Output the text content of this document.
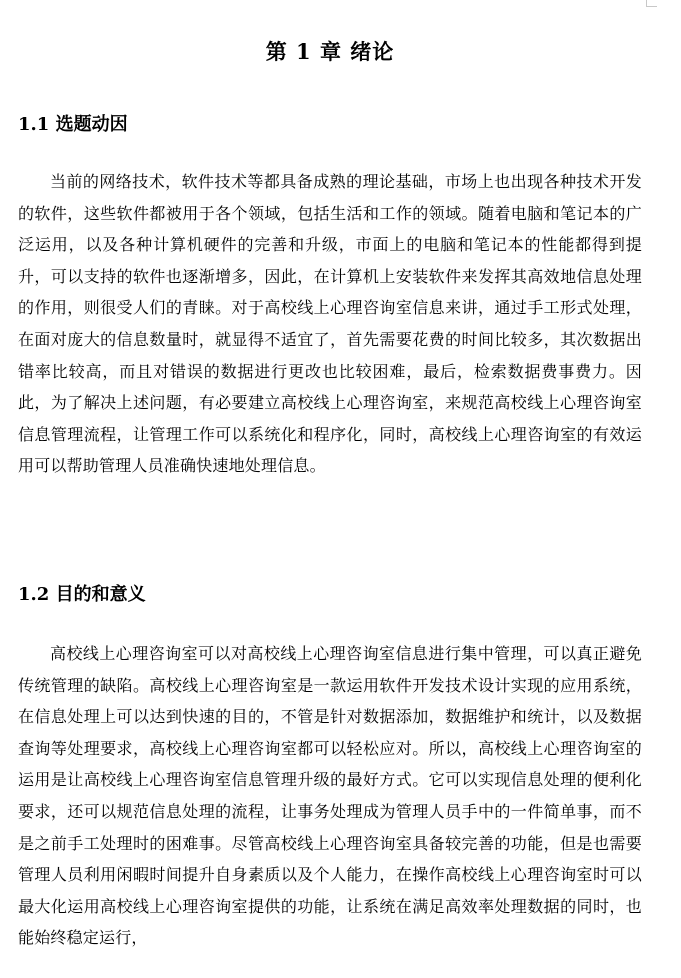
第 1 章 绪论
1.1 选题动因

当前的网络技术，软件技术等都具备成熟的理论基础，市场上也出现各种技术开发的软件，这些软件都被用于各个领域，包括生活和工作的领域。随着电脑和笔记本的广泛运用，以及各种计算机硬件的完善和升级，市面上的电脑和笔记本的性能都得到提升，可以支持的软件也逐渐增多，因此，在计算机上安装软件来发挥其高效地信息处理的作用，则很受人们的青睐。对于高校线上心理咨询室信息来讲，通过手工形式处理，在面对庞大的信息数量时，就显得不适宜了，首先需要花费的时间比较多，其次数据出错率比较高，而且对错误的数据进行更改也比较困难，最后，检索数据费事费力。因此，为了解决上述问题，有必要建立高校线上心理咨询室，来规范高校线上心理咨询室信息管理流程，让管理工作可以系统化和程序化，同时，高校线上心理咨询室的有效运用可以帮助管理人员准确快速地处理信息。

1.2 目的和意义

高校线上心理咨询室可以对高校线上心理咨询室信息进行集中管理，可以真正避免传统管理的缺陷。高校线上心理咨询室是一款运用软件开发技术设计实现的应用系统，在信息处理上可以达到快速的目的，不管是针对数据添加，数据维护和统计，以及数据查询等处理要求，高校线上心理咨询室都可以轻松应对。所以，高校线上心理咨询室的运用是让高校线上心理咨询室信息管理升级的最好方式。它可以实现信息处理的便利化要求，还可以规范信息处理的流程，让事务处理成为管理人员手中的一件简单事，而不是之前手工处理时的困难事。尽管高校线上心理咨询室具备较完善的功能，但是也需要管理人员利用闲暇时间提升自身素质以及个人能力，在操作高校线上心理咨询室时可以最大化运用高校线上心理咨询室提供的功能，让系统在满足高效率处理数据的同时，也能始终稳定运行，
